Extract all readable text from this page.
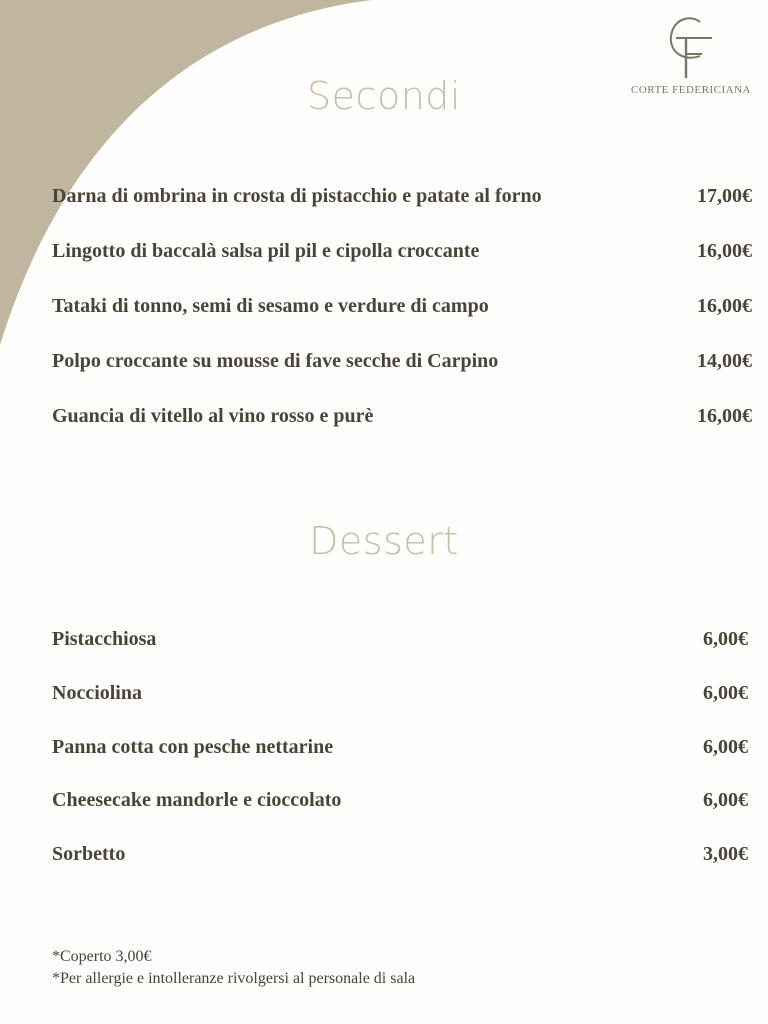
CORTE FEDERICIANA
Secondi
Darna di ombrina in crosta di pistacchio e patate al forno	17,00€
Lingotto di baccalà salsa pil pil e cipolla croccante	16,00€
Tataki di tonno, semi di sesamo e verdure di campo	16,00€
Polpo croccante su mousse di fave secche di Carpino	14,00€
Guancia di vitello al vino rosso e purè	16,00€
Dessert
Pistacchiosa	6,00€
Nocciolina	6,00€
Panna cotta con pesche nettarine	6,00€
Cheesecake mandorle e cioccolato	6,00€
Sorbetto	3,00€
*Coperto 3,00€
*Per allergie e intolleranze rivolgersi al personale di sala
